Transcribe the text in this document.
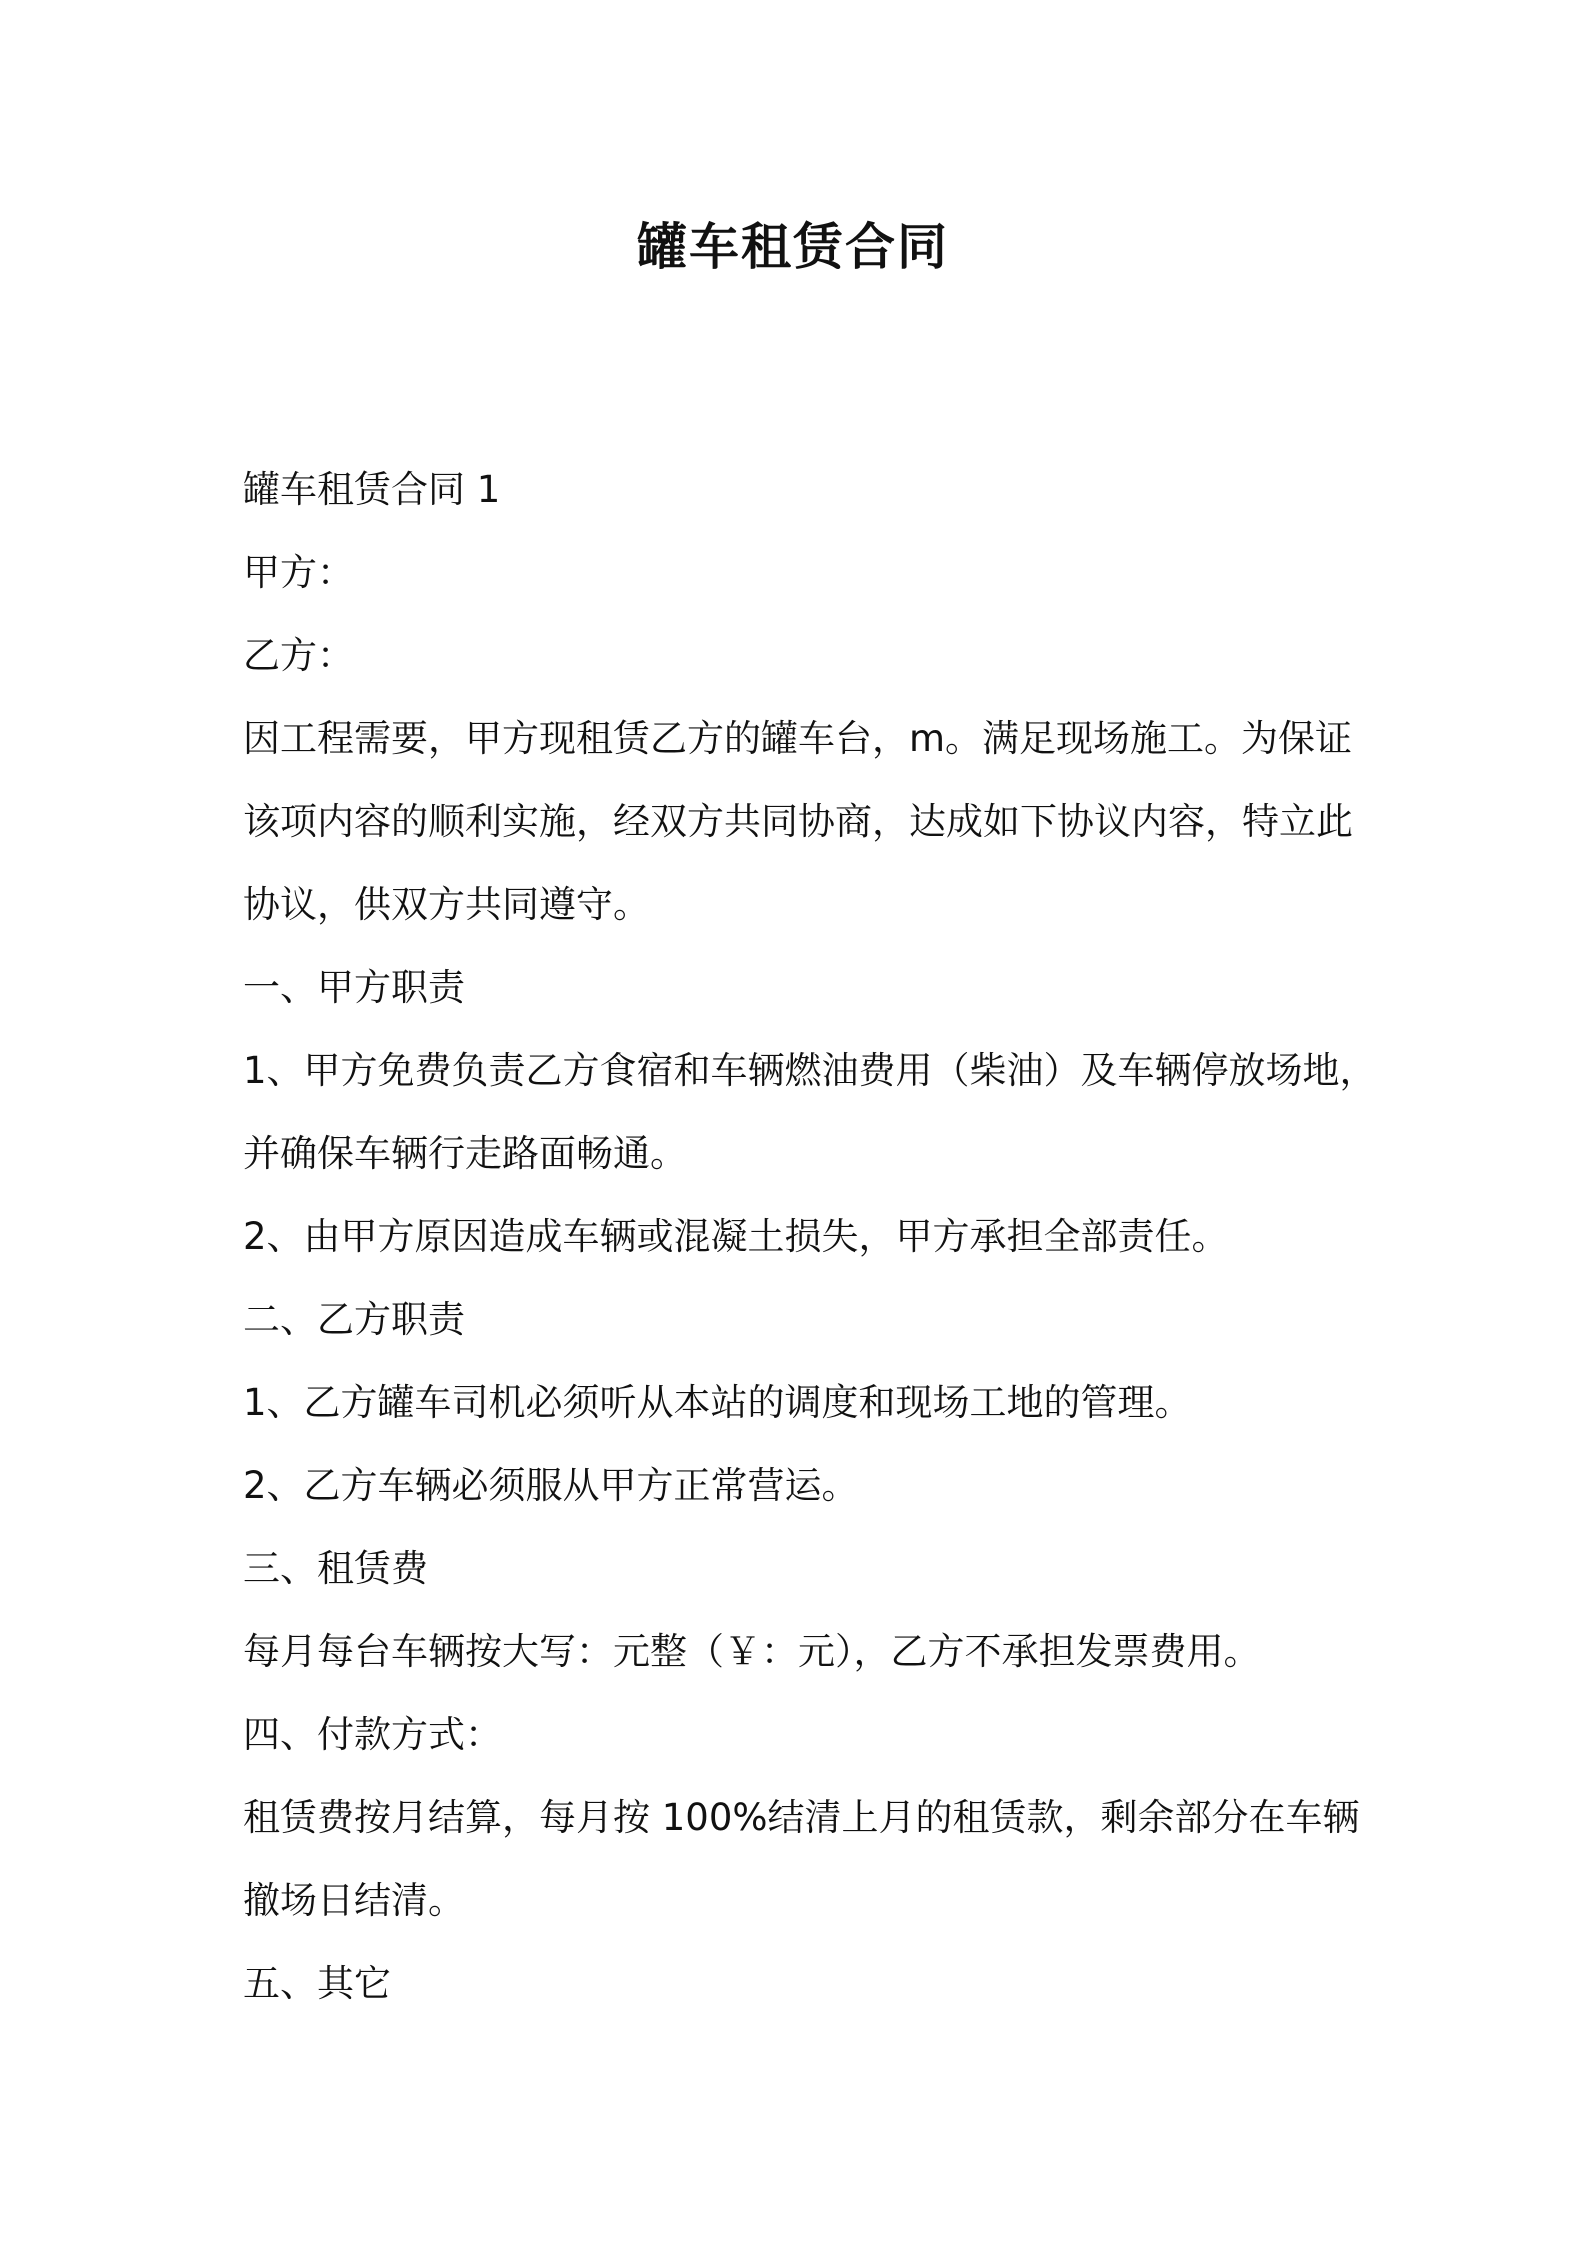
罐车租赁合同
罐车租赁合同 1
甲方：
乙方：
因工程需要，甲方现租赁乙方的罐车台，m。满足现场施工。为保证
该项内容的顺利实施，经双方共同协商，达成如下协议内容，特立此
协议，供双方共同遵守。
一、甲方职责
1、甲方免费负责乙方食宿和车辆燃油费用（柴油）及车辆停放场地，
并确保车辆行走路面畅通。
2、由甲方原因造成车辆或混凝土损失，甲方承担全部责任。
二、乙方职责
1、乙方罐车司机必须听从本站的调度和现场工地的管理。
2、乙方车辆必须服从甲方正常营运。
三、租赁费
每月每台车辆按大写：元整（￥：元），乙方不承担发票费用。
四、付款方式：
租赁费按月结算，每月按 100%结清上月的租赁款，剩余部分在车辆
撤场日结清。
五、其它
